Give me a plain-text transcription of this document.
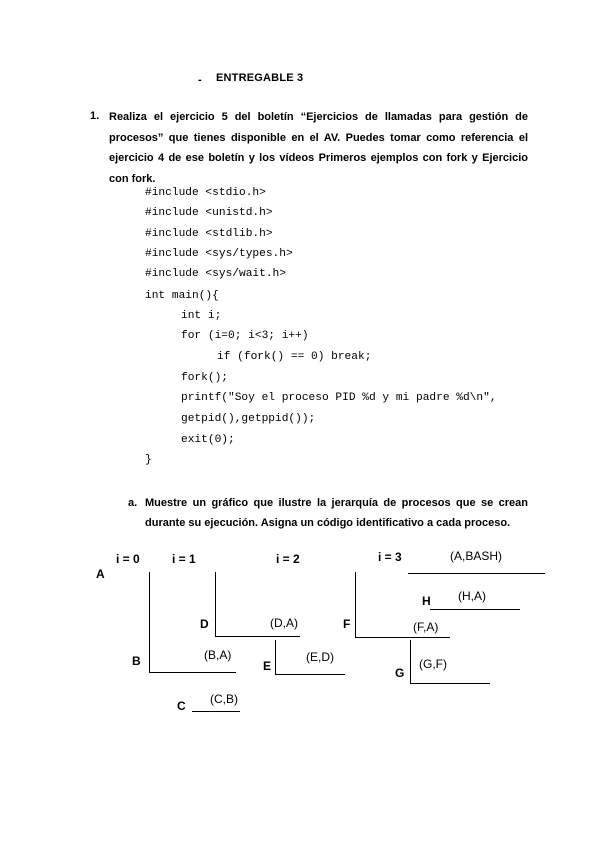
- ENTREGABLE 3
1. Realiza el ejercicio 5 del boletín “Ejercicios de llamadas para gestión de procesos” que tienes disponible en el AV. Puedes tomar como referencia el ejercicio 4 de ese boletín y los vídeos Primeros ejemplos con fork y Ejercicio con fork.
#include <stdio.h>
#include <unistd.h>
#include <stdlib.h>
#include <sys/types.h>
#include <sys/wait.h>
int main(){
int i;
for (i=0; i<3; i++)
if (fork() == 0) break;
fork();
printf("Soy el proceso PID %d y mi padre %d\n",
getpid(),getppid());
exit(0);
}
a. Muestre un gráfico que ilustre la jerarquía de procesos que se crean durante su ejecución. Asigna un código identificativo a cada proceso.
i = 0	i = 1	i = 2	i = 3
A
B
C
D
E
F
G
H
(A,BASH)
(B,A)
(C,B)
(D,A)
(E,D)
(F,A)
(G,F)
(H,A)
